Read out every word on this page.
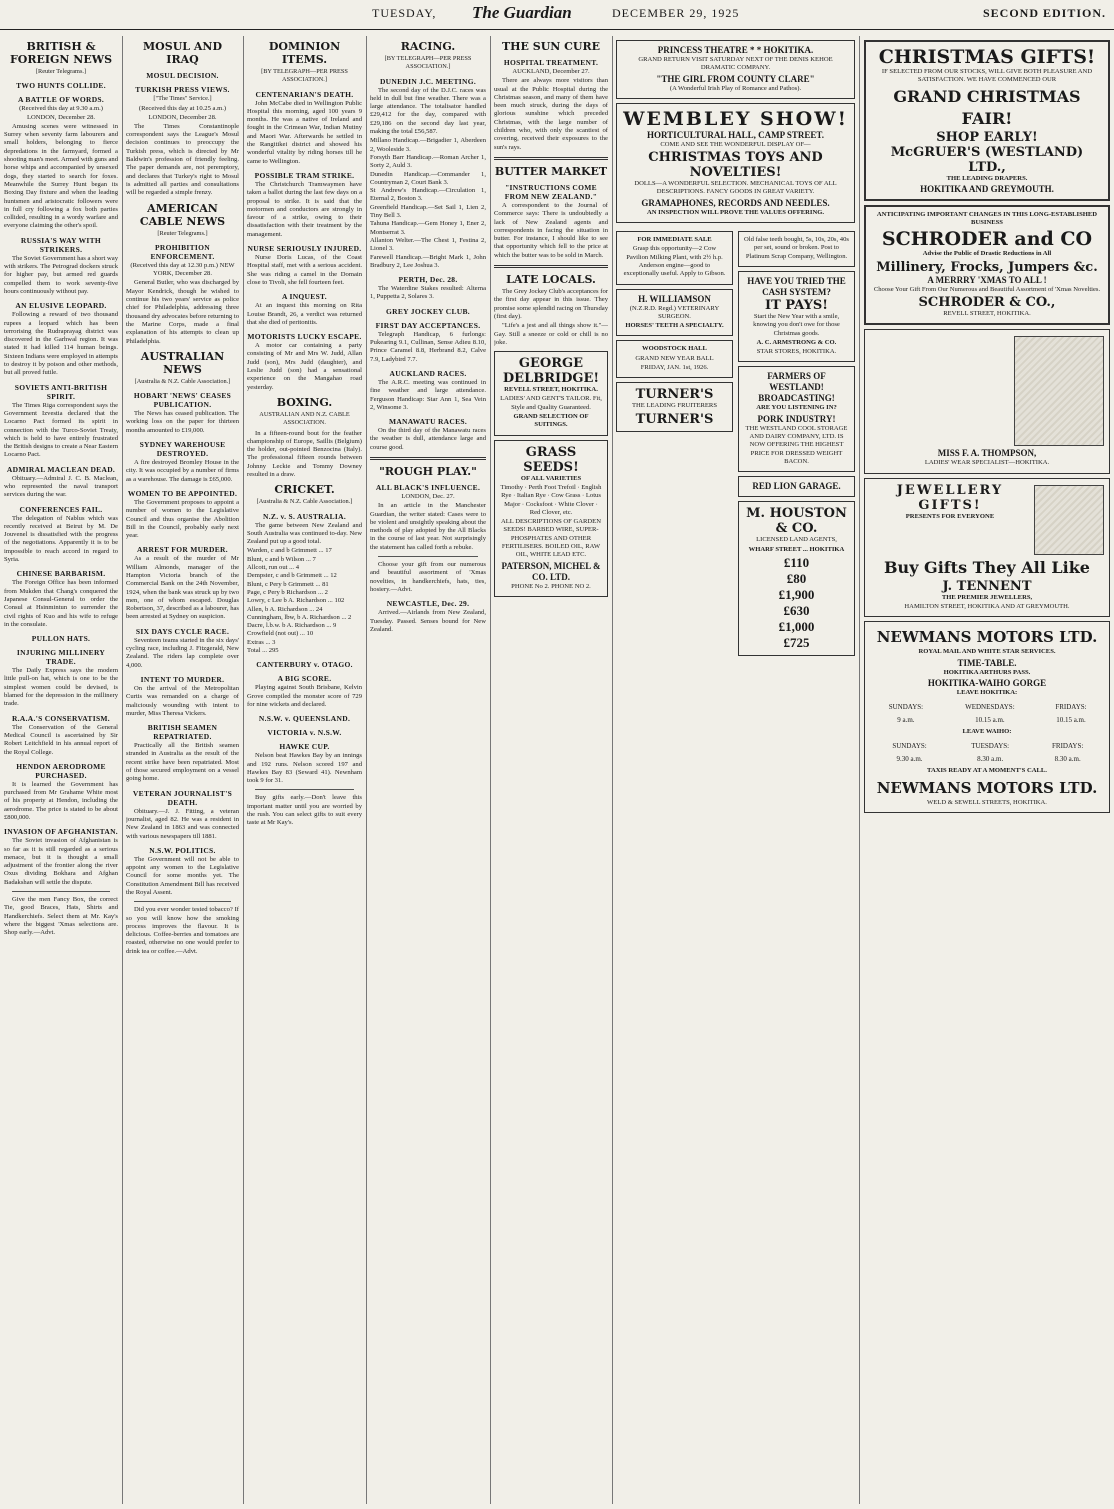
TUESDAY, The Guardian	DECEMBER 29, 1925	SECOND EDITION.
BRITISH & FOREIGN NEWS
[Reuter Telegrams.]
TWO HUNTS COLLIDE.
A BATTLE OF WORDS.
(Received this day at 9.30 a.m.) LONDON, December 28.

Amusing scenes were witnessed in Surrey when seventy farm labourers and small holders, belonging to fierce depredations in the farmyard, formed a shooting man's meet. Armed with guns and horse whips and accompanied by unsexed dogs, they started to search for foxes. Meanwhile the Surrey Hunt began its Boxing Day fixture and when the leading huntsmen and aristocratic followers were in full cry following a fox both parties collided, resulting in a wordy warfare and everyone claiming the other's spoil.

RUSSIA'S WAY WITH STRIKERS.

The Soviet Government has a short way with strikers. The Petrograd dockers struck for higher pay, but armed red guards compelled them to work seventy-five hours continuously without pay.

AN ELUSIVE LEOPARD.

Following a reward of two thousand rupees a leopard which has been terrorising the Rudraprayag district was discovered in the Garhwal region. It was stated it had killed 114 human beings. Sixteen Indians were employed in attempts to destroy it by poison and other methods, but all proved futile.

SOVIETS ANTI-BRITISH SPIRIT.

The Times Riga correspondent says the Government Izvestia declared that the Locarno Pact formed its spirit in connection with the Turco-Soviet Treaty, which is held to have entirely frustrated the British designs to create a Near Eastern Locarno Pact.

ADMIRAL MACLEAN DEAD.

Obituary.—Admiral J. C. B. Maclean, who represented the naval transport services during the war.

CONFERENCES FAIL.

The delegation of Nablus which was recently received at Beirut by M. De Jouvenel is dissatisfied with the progress of the negotiations. Apparently it is to be impossible to reach accord in regard to Syria.

CHINESE BARBARISM.

The Foreign Office has been informed from Mukden that Chang's conquered the Japanese Consul-General to order the Consul at Hsinmintun to surrender the civil rights of Kuo and his wife to refuge in the consulate.

PULLON HATS.
INJURING MILLINERY TRADE.

The Daily Express says the modern little pull-on hat, which is one to be the simplest women could be devised, is blamed for the depression in the millinery trade.

R.A.A.'S CONSERVATISM.

The Conservation of the General Medical Council is ascertained by Sir Robert Leitchfield in his annual report of the Royal College.

HENDON AERODROME PURCHASED.

It is learned the Government has purchased from Mr Grahame White most of his property at Hendon, including the aerodrome. The price is stated to be about £800,000.

INVASION OF AFGHANISTAN.

The Soviet invasion of Afghanistan is so far as it is still regarded as a serious menace, but it is thought a small adjustment of the frontier along the river Oxus dividing Bokhara and Afghan Badakshan will settle the dispute.

Give the men Fancy Box, the correct Tie, good Braces, Hats, Shirts and Handkerchiefs. Select them at Mr. Kay's where the biggest 'Xmas selections are. Shop early.—Advt.

MOSUL AND IRAQ
MOSUL DECISION.
TURKISH PRESS VIEWS.
["The Times" Service.]
(Received this day at 10.25 a.m.) LONDON, December 28.

The Times Constantinople correspondent says the League's Mosul decision continues to preoccupy the Turkish press, which is directed by Mr Baldwin's profession of friendly feeling. The paper demands are, not peremptory, and declares that Turkey's right to Mosul is admitted all parties and consultations will be regarded a simple frenzy.

AMERICAN CABLE NEWS
[Reuter Telegrams.]
PROHIBITION ENFORCEMENT.
(Received this day at 12.30 p.m.) NEW YORK, December 28.

General Butler, who was discharged by Mayor Kendrick, though he wished to continue his two years' service as police chief for Philadelphia, addressing three thousand dry advocates before returning to the Marine Corps, made a final explanation of his attempts to clean up Philadelphia.

AUSTRALIAN NEWS
[Australia & N.Z. Cable Association.]
HOBART 'NEWS' CEASES PUBLICATION.

The News has ceased publication. The working loss on the paper for thirteen months amounted to £19,000.

SYDNEY WAREHOUSE DESTROYED.

A fire destroyed Bromley House in the city. It was occupied by a number of firms as a warehouse. The damage is £65,000.

WOMEN TO BE APPOINTED.

The Government proposes to appoint a number of women to the Legislative Council and thus organise the Abolition Bill in the Council, probably early next year.

ARREST FOR MURDER.

As a result of the murder of Mr William Almonds, manager of the Hampton Victoria branch of the Commercial Bank on the 24th November, 1924, when the bank was struck up by two men, one of whom escaped. Douglas Robertson, 37, described as a labourer, has been arrested at Sydney on suspicion.

SIX DAYS CYCLE RACE.

Seventeen teams started in the six days' cycling race, including J. Fitzgerald, New Zealand. The riders lap complete over 4,000.

INTENT TO MURDER.

On the arrival of the Metropolitan Curtis was remanded on a charge of maliciously wounding with intent to murder, Miss Theresa Vickers.

BRITISH SEAMEN REPATRIATED.

Practically all the British seamen stranded in Australia as the result of the recent strike have been repatriated. Most of those secured employment on a vessel going home.

VETERAN JOURNALIST'S DEATH.

Obituary.—J. J. Fitting, a veteran journalist, aged 82. He was a resident in New Zealand in 1863 and was connected with various newspapers till 1881.

N.S.W. POLITICS.

The Government will not be able to appoint any women to the Legislative Council for some months yet. The Constitution Amendment Bill has received the Royal Assent.

Did you ever wonder tested tobacco? If so you will know how the smoking process improves the flavour. It is delicious. Coffee-berries and tomatoes are roasted, otherwise no one would prefer to drink tea or coffee.—Advt.

DOMINION ITEMS.
[BY TELEGRAPH—PER PRESS ASSOCIATION.]
CENTENARIAN'S DEATH.

John McCabe died in Wellington Public Hospital this morning, aged 100 years 9 months. He was a native of Ireland and fought in the Crimean War, Indian Mutiny and Maori War. Afterwards he settled in the Rangitikei district and showed his wonderful vitality by riding horses till he came to Wellington.

POSSIBLE TRAM STRIKE.

The Christchurch Tramwaymen have taken a ballot during the last few days on a proposal to strike. It is said that the motormen and conductors are strongly in favour of a strike, owing to their dissatisfaction with their treatment by the management.

NURSE SERIOUSLY INJURED.

Nurse Doris Lucas, of the Coast Hospital staff, met with a serious accident. She was riding a camel in the Domain close to Tivoli, she fell fourteen feet.

A INQUEST.

At an inquest this morning on Rita Louise Brandt, 26, a verdict was returned that she died of peritonitis.

MOTORISTS LUCKY ESCAPE.

A motor car containing a party consisting of Mr and Mrs W. Judd, Allan Judd (son), Mrs Judd (daughter), and Leslie Judd (son) had a sensational experience on the Mangahao road yesterday.

BOXING.
AUSTRALIAN AND N.Z. CABLE ASSOCIATION.

In a fifteen-round bout for the feather championship of Europe, Saillis (Belgium) the holder, out-pointed Benzocina (Italy). The professional fifteen rounds between Johnny Leckie and Tommy Downey resulted in a draw.

CRICKET.
[Australia & N.Z. Cable Association.]
N.Z. v. S. AUSTRALIA.

The game between New Zealand and South Australia was continued to-day. New Zealand put up a good total.

Warden, c and b Grimmett ... 17
Blunt, c and b Wilson ... 7
Allcott, run out ... 4
Dempster, c and b Grimmett ... 12
Blunt, c Pery b Grimmett ... 81
Page, c Pery b Richardson ... 2
Lowry, c Lee b A. Richardson ... 102
Allen, b A. Richardson ... 24
Cunningham, lbw, b A. Richardson ... 2
Dacre, l.b.w. b A. Richardson ... 9
Crowfield (not out) ... 10
Extras ... 3
Total ... 295
CANTERBURY v. OTAGO.
A BIG SCORE.

Playing against South Brisbane, Kelvin Grove compiled the monster score of 729 for nine wickets and declared.

N.S.W. v. QUEENSLAND.
VICTORIA v. N.S.W.
HAWKE CUP.

Nelson beat Hawkes Bay by an innings and 192 runs. Nelson scored 197 and Hawkes Bay 83 (Seward 41). Newnham took 9 for 31.

Buy gifts early.—Don't leave this important matter until you are worried by the rush. You can select gifts to suit every taste at Mr Kay's.

RACING.
[BY TELEGRAPH—PER PRESS ASSOCIATION.]
DUNEDIN J.C. MEETING.

The second day of the D.J.C. races was held in dull but fine weather. There was a large attendance. The totalisator handled £29,412 for the day, compared with £29,186 on the second day last year, making the total £56,587.

Millano Handicap.—Brigadier 1, Aberdeen 2, Wooleside 3.
Forsyth Barr Handicap.—Roman Archer 1, Sorty 2, Auld 3.
Dunedin Handicap.—Commander 1, Countryman 2, Court Bank 3.
St Andrew's Handicap.—Circulation 1, Eternal 2, Boston 3.
Greenfield Handicap.—Set Sail 1, Lien 2, Tiny Bell 3.
Tahuna Handicap.—Gem Honey 1, Ener 2, Montserrat 3.
Allanton Welter.—The Chest 1, Festina 2, Lionel 3.
Farewell Handicap.—Bright Mark 1, John Bradbury 2, Lee Joshua 3.
PERTH, Dec. 28.

The Waterdine Stakes resulted: Alterna 1, Puppetta 2, Solares 3.

GREY JOCKEY CLUB.
FIRST DAY ACCEPTANCES.

Telegraph Handicap, 6 furlongs: Pukearing 9.1, Cullinan, Sense Adieu 8.10, Prince Caramel 8.8, Herbrand 8.2, Calve 7.9, Ladybird 7.7.

AUCKLAND RACES.

The A.R.C. meeting was continued in fine weather and large attendance. Ferguson Handicap: Star Ann 1, Sea Vein 2, Winsome 3.

MANAWATU RACES.

On the third day of the Manawatu races the weather is dull, attendance large and course good.

"ROUGH PLAY."
ALL BLACK'S INFLUENCE.
LONDON, Dec. 27.

In an article in the Manchester Guardian, the writer stated: Cases were to be violent and unsightly speaking about the methods of play adopted by the All Blacks in the course of last year. Not surprisingly the statement has called forth a rebuke.

Choose your gift from our numerous and beautiful assortment of 'Xmas novelties, in handkerchiefs, hats, ties, hosiery.—Advt.

NEWCASTLE, Dec. 29.

Arrived.—Airlands from New Zealand, Tuesday. Passed. Senses bound for New Zealand.

THE SUN CURE
HOSPITAL TREATMENT.
AUCKLAND, December 27.

There are always more visitors than usual at the Public Hospital during the Christmas season, and many of them have been much struck, during the days of glorious sunshine which preceded Christmas, with the large number of children who, with only the scantiest of covering, received their exposures to the sun's rays.

BUTTER MARKET
"INSTRUCTIONS COME FROM NEW ZEALAND."

A correspondent to the Journal of Commerce says: There is undoubtedly a lack of New Zealand agents and correspondents in facing the situation in butter. For instance, I should like to see that opportunity which fell to the price at which the butter was to be sold in March.

LATE LOCALS.

The Grey Jockey Club's acceptances for the first day appear in this issue. They promise some splendid racing on Thursday (first day).

"Life's a jest and all things show it."—Gay. Still a sneeze or cold or chill is no joke.

GEORGE DELBRIDGE!

REVELL STREET, HOKITIKA.

LADIES' AND GENT'S TAILOR. Fit, Style and Quality Guaranteed.

GRAND SELECTION OF SUITINGS.

GRASS SEEDS!

OF ALL VARIETIES

Timothy · Perth Foot Trefoil · English Rye · Italian Rye · Cow Grass · Lotus Major · Cocksfoot · White Clover · Red Clover, etc.

ALL DESCRIPTIONS OF GARDEN SEEDS! BARBED WIRE, SUPER-PHOSPHATES AND OTHER FERTILISERS. BOILED OIL, RAW OIL, WHITE LEAD ETC.

PATERSON, MICHEL & CO. LTD.

PHONE No 2. PHONE NO 2.

PRINCESS THEATRE * * HOKITIKA.

GRAND RETURN VISIT SATURDAY NEXT OF THE DENIS KEHOE DRAMATIC COMPANY.

"THE GIRL FROM COUNTY CLARE"

(A Wonderful Irish Play of Romance and Pathos).

WEMBLEY SHOW!
HORTICULTURAL HALL, CAMP STREET.

COME AND SEE THE WONDERFUL DISPLAY OF—

CHRISTMAS TOYS AND NOVELTIES!

DOLLS—A WONDERFUL SELECTION. MECHANICAL TOYS OF ALL DESCRIPTIONS. FANCY GOODS IN GREAT VARIETY.

GRAMAPHONES, RECORDS AND NEEDLES.

AN INSPECTION WILL PROVE THE VALUES OFFERING.

FOR IMMEDIATE SALE

Grasp this opportunity—2 Cow Pavilion Milking Plant, with 2½ h.p. Anderson engine—good to exceptionally useful. Apply to Gibson.

H. WILLIAMSON

(N.Z.R.D. Regd.) VETERINARY SURGEON.

HORSES' TEETH A SPECIALTY.

WOODSTOCK HALL

GRAND NEW YEAR BALL

FRIDAY, JAN. 1st, 1926.

TURNER'S

THE LEADING FRUITERERS

TURNER'S

Old false teeth bought, 5s, 10s, 20s, 40s per set, sound or broken. Post to Platinum Scrap Company, Wellington.

HAVE YOU TRIED THE CASH SYSTEM?
IT PAYS!

Start the New Year with a smile, knowing you don't owe for those Christmas goods.

A. C. ARMSTRONG & CO.

STAR STORES, HOKITIKA.

FARMERS OF WESTLAND!
BROADCASTING!

ARE YOU LISTENING IN?

PORK INDUSTRY!

THE WESTLAND COOL STORAGE AND DAIRY COMPANY, LTD. IS NOW OFFERING THE HIGHEST PRICE FOR DRESSED WEIGHT BACON.

RED LION GARAGE.
M. HOUSTON & CO.

LICENSED LAND AGENTS,

WHARF STREET ... HOKITIKA

£110
£80
£1,900
£630
£1,000
£725
CHRISTMAS GIFTS!

IF SELECTED FROM OUR STOCKS, WILL GIVE BOTH PLEASURE AND SATISFACTION. WE HAVE COMMENCED OUR

GRAND CHRISTMAS FAIR!
SHOP EARLY!
McGRUER'S (WESTLAND) LTD.,

THE LEADING DRAPERS.

HOKITIKA AND GREYMOUTH.

ANTICIPATING IMPORTANT CHANGES IN THIS LONG-ESTABLISHED BUSINESS

SCHRODER and CO

Advise the Public of Drastic Reductions in All

Millinery, Frocks, Jumpers &c.
A MERRRY 'XMAS TO ALL !

Choose Your Gift From Our Numerous and Beautiful Assortment of 'Xmas Novelties.

SCHRODER & CO.,

REVELL STREET, HOKITIKA.

MISS F. A. THOMPSON,

LADIES' WEAR SPECIALIST—HOKITIKA.

JEWELLERY GIFTS!

PRESENTS FOR EVERYONE

Buy Gifts They All Like
J. TENNENT

THE PREMIER JEWELLERS,

HAMILTON STREET, HOKITIKA AND AT GREYMOUTH.

NEWMANS MOTORS LTD.

ROYAL MAIL AND WHITE STAR SERVICES.

TIME-TABLE.

HOKITIKA ARTHURS PASS.

HOKITIKA-WAIHO GORGE

LEAVE HOKITIKA:

SUNDAYS:	WEDNESDAYS:	FRIDAYS:
9 a.m.	10.15 a.m.	10.15 a.m.

LEAVE WAIHO:

SUNDAYS:	TUESDAYS:	FRIDAYS:
9.30 a.m.	8.30 a.m.	8.30 a.m.

TAXIS READY AT A MOMENT'S CALL.

NEWMANS MOTORS LTD.

WELD & SEWELL STREETS, HOKITIKA.
